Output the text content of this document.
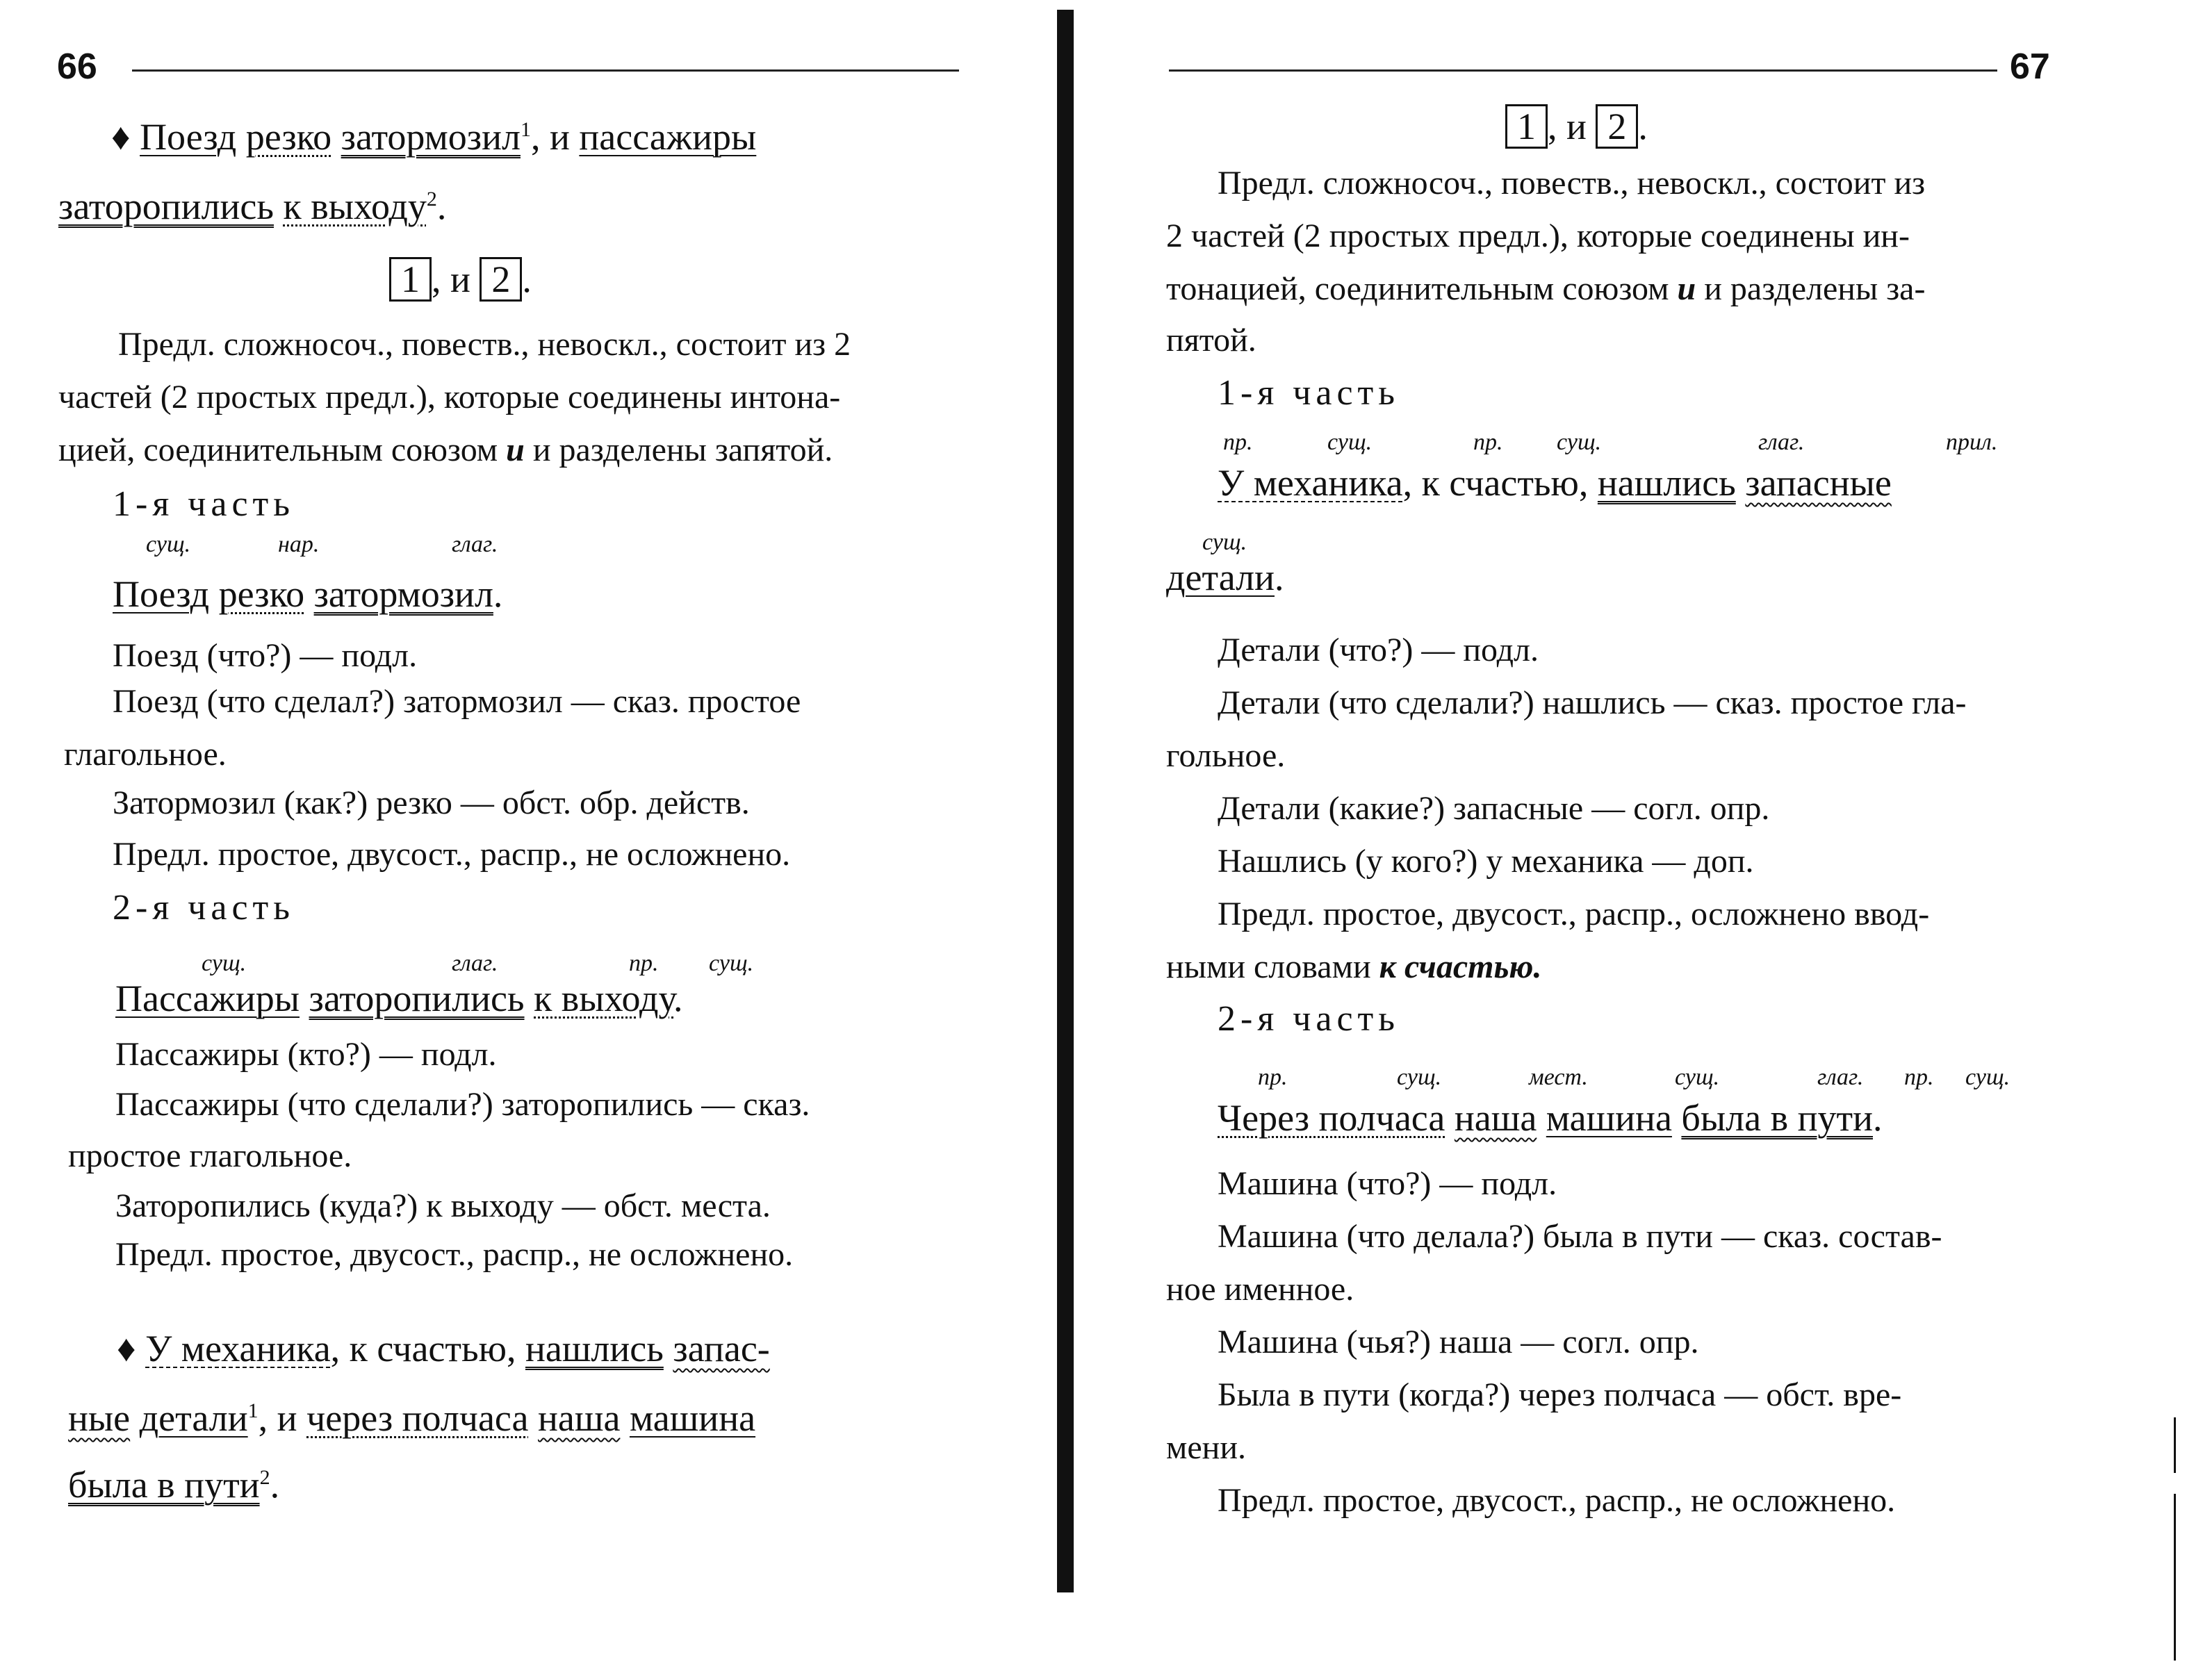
66
♦ Поезд резко затормозил$^1$, и пассажиры
заторопились к выходу$^2$.
1 , и 2 .
Предл. сложносоч., повеств., невоскл., состоит из 2
частей (2 простых предл.), которые соединены интона-
цией, соединительным союзом и и разделены запятой.
1-я часть
сущ.	нар.	глаг.
Поезд резко затормозил.
Поезд (что?) — подл.
Поезд (что сделал?) затормозил — сказ. простое
глагольное.
Затормозил (как?) резко — обст. обр. действ.
Предл. простое, двусост., распр., не осложнено.
2-я часть
сущ.	глаг.	пр. сущ.
Пассажиры заторопились к выходу.
Пассажиры (кто?) — подл.
Пассажиры (что сделали?) заторопились — сказ.
простое глагольное.
Заторопились (куда?) к выходу — обст. места.
Предл. простое, двусост., распр., не осложнено.
♦ У механика, к счастью, нашлись запас-
ные детали$^1$, и через полчаса наша машина
была в пути$^2$.
67
1 , и 2 .
Предл. сложносоч., повеств., невоскл., состоит из
2 частей (2 простых предл.), которые соединены ин-
тонацией, соединительным союзом и и разделены за-
пятой.
1-я часть
пр.	сущ.	пр. сущ.	глаг.	прил.
У механика, к счастью, нашлись запасные
сущ.
детали.
Детали (что?) — подл.
Детали (что сделали?) нашлись — сказ. простое гла-
гольное.
Детали (какие?) запасные — согл. опр.
Нашлись (у кого?) у механика — доп.
Предл. простое, двусост., распр., осложнено ввод-
ными словами к счастью.
2-я часть
пр.	сущ.	мест.	сущ.	глаг. пр. сущ.
Через полчаса наша машина была в пути.
Машина (что?) — подл.
Машина (что делала?) была в пути — сказ. состав-
ное именное.
Машина (чья?) наша — согл. опр.
Была в пути (когда?) через полчаса — обст. вре-
мени.
Предл. простое, двусост., распр., не осложнено.
